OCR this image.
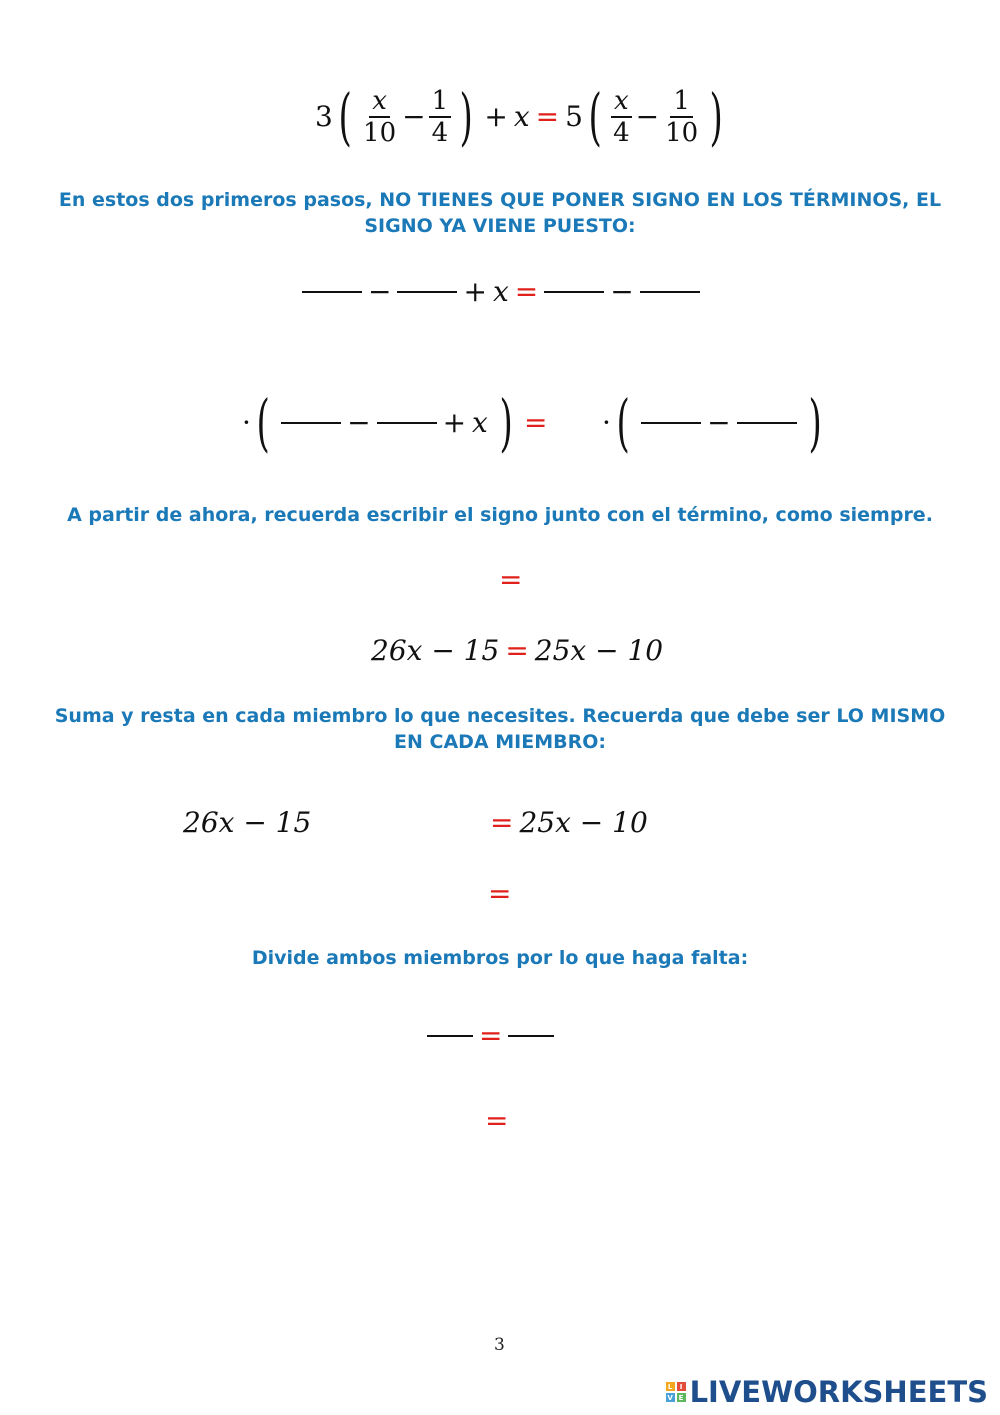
3 ( $\frac{x}{10} - \frac{1}{4}$ ) + x = 5 ( $\frac{x}{4} - \frac{1}{10}$ )
En estos dos primeros pasos, NO TIENES QUE PONER SIGNO EN LOS TÉRMINOS, EL SIGNO YA VIENE PUESTO:
−	+ x =	−
· (	−	+ x ) = · (	− )
A partir de ahora, recuerda escribir el signo junto con el término, como siempre.
=
26x − 15 = 25x − 10
Suma y resta en cada miembro lo que necesites. Recuerda que debe ser LO MISMO EN CADA MIEMBRO:
26x − 15	= 25x − 10
=
Divide ambos miembros por lo que haga falta:
=
=
3
L	I
V E LIVEWORKSHEETS
